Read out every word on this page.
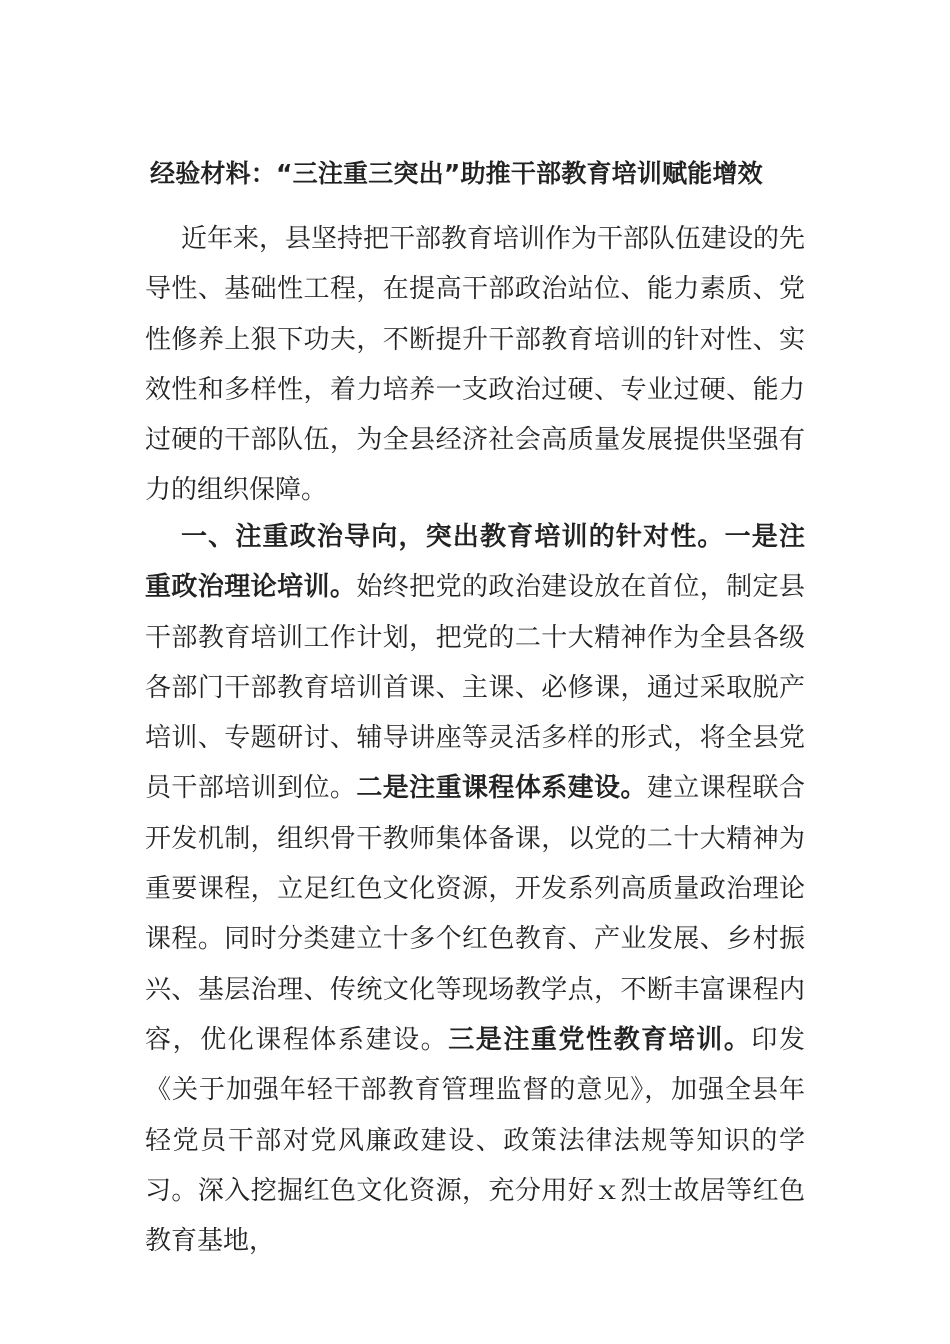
经验材料：“三注重三突出”助推干部教育培训赋能增效

近年来，县坚持把干部教育培训作为干部队伍建设的先导性、基础性工程，在提高干部政治站位、能力素质、党性修养上狠下功夫，不断提升干部教育培训的针对性、实效性和多样性，着力培养一支政治过硬、专业过硬、能力过硬的干部队伍，为全县经济社会高质量发展提供坚强有力的组织保障。

一、注重政治导向，突出教育培训的针对性。一是注重政治理论培训。始终把党的政治建设放在首位，制定县干部教育培训工作计划，把党的二十大精神作为全县各级各部门干部教育培训首课、主课、必修课，通过采取脱产培训、专题研讨、辅导讲座等灵活多样的形式，将全县党员干部培训到位。二是注重课程体系建设。建立课程联合开发机制，组织骨干教师集体备课，以党的二十大精神为重要课程，立足红色文化资源，开发系列高质量政治理论课程。同时分类建立十多个红色教育、产业发展、乡村振兴、基层治理、传统文化等现场教学点，不断丰富课程内容，优化课程体系建设。三是注重党性教育培训。印发《关于加强年轻干部教育管理监督的意见》，加强全县年轻党员干部对党风廉政建设、政策法律法规等知识的学习。深入挖掘红色文化资源，充分用好ｘ烈士故居等红色教育基地，
